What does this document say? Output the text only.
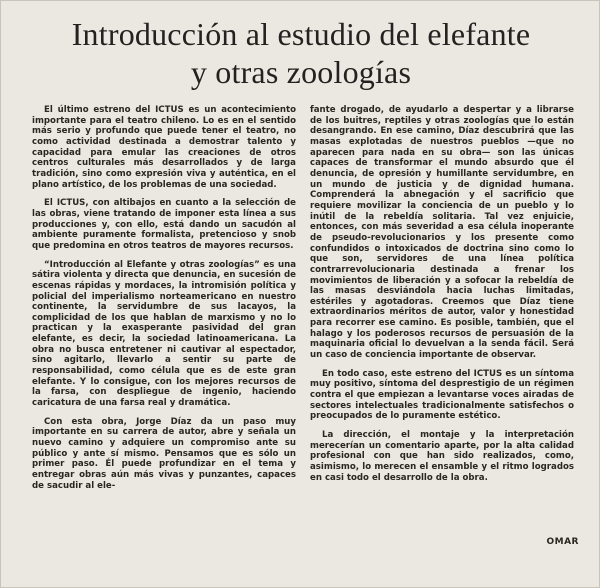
Introducción al estudio del elefante
y otras zoologías

El último estreno del ICTUS es un acontecimiento importante para el teatro chileno. Lo es en el sentido más serio y profundo que puede tener el teatro, no como actividad destinada a demostrar talento y capacidad para emular las creaciones de otros centros culturales más desarrollados y de larga tradición, sino como expresión viva y auténtica, en el plano artístico, de los problemas de una sociedad.

El ICTUS, con altibajos en cuanto a la selección de las obras, viene tratando de imponer esta línea a sus producciones y, con ello, está dando un sacudón al ambiente puramente formalista, pretencioso y snob que predomina en otros teatros de mayores recursos.

“Introducción al Elefante y otras zoologías” es una sátira violenta y directa que denuncia, en sucesión de escenas rápidas y mordaces, la intromisión política y policial del imperialismo norteamericano en nuestro continente, la servidumbre de sus lacayos, la complicidad de los que hablan de marxismo y no lo practican y la exasperante pasividad del gran elefante, es decir, la sociedad latinoamericana. La obra no busca entretener ni cautivar al espectador, sino agitarlo, llevarlo a sentir su parte de responsabilidad, como célula que es de este gran elefante. Y lo consigue, con los mejores recursos de la farsa, con despliegue de ingenio, haciendo caricatura de una farsa real y dramática.

Con esta obra, Jorge Díaz da un paso muy importante en su carrera de autor, abre y señala un nuevo camino y adquiere un compromiso ante su público y ante sí mismo. Pensamos que es sólo un primer paso. Él puede profundizar en el tema y entregar obras aún más vivas y punzantes, capaces de sacudir al ele-

fante drogado, de ayudarlo a despertar y a librarse de los buitres, reptiles y otras zoologías que lo están desangrando. En ese camino, Díaz descubrirá que las masas explotadas de nuestros pueblos —que no aparecen para nada en su obra— son las únicas capaces de transformar el mundo absurdo que él denuncia, de opresión y humillante servidumbre, en un mundo de justicia y de dignidad humana. Comprenderá la abnegación y el sacrificio que requiere movilizar la conciencia de un pueblo y lo inútil de la rebeldía solitaria. Tal vez enjuicie, entonces, con más severidad a esa célula inoperante de pseudo-revolucionarios y los presente como confundidos o intoxicados de doctrina sino como lo que son, servidores de una línea política contrarrevolucionaria destinada a frenar los movimientos de liberación y a sofocar la rebeldía de las masas desviándola hacia luchas limitadas, estériles y agotadoras. Creemos que Díaz tiene extraordinarios méritos de autor, valor y honestidad para recorrer ese camino. Es posible, también, que el halago y los poderosos recursos de persuasión de la maquinaria oficial lo devuelvan a la senda fácil. Será un caso de conciencia importante de observar.

En todo caso, este estreno del ICTUS es un síntoma muy positivo, síntoma del desprestigio de un régimen contra el que empiezan a levantarse voces airadas de sectores intelectuales tradicionalmente satisfechos o preocupados de lo puramente estético.

La dirección, el montaje y la interpretación merecerían un comentario aparte, por la alta calidad profesional con que han sido realizados, como, asimismo, lo merecen el ensamble y el ritmo logrados en casi todo el desarrollo de la obra.

OMAR
